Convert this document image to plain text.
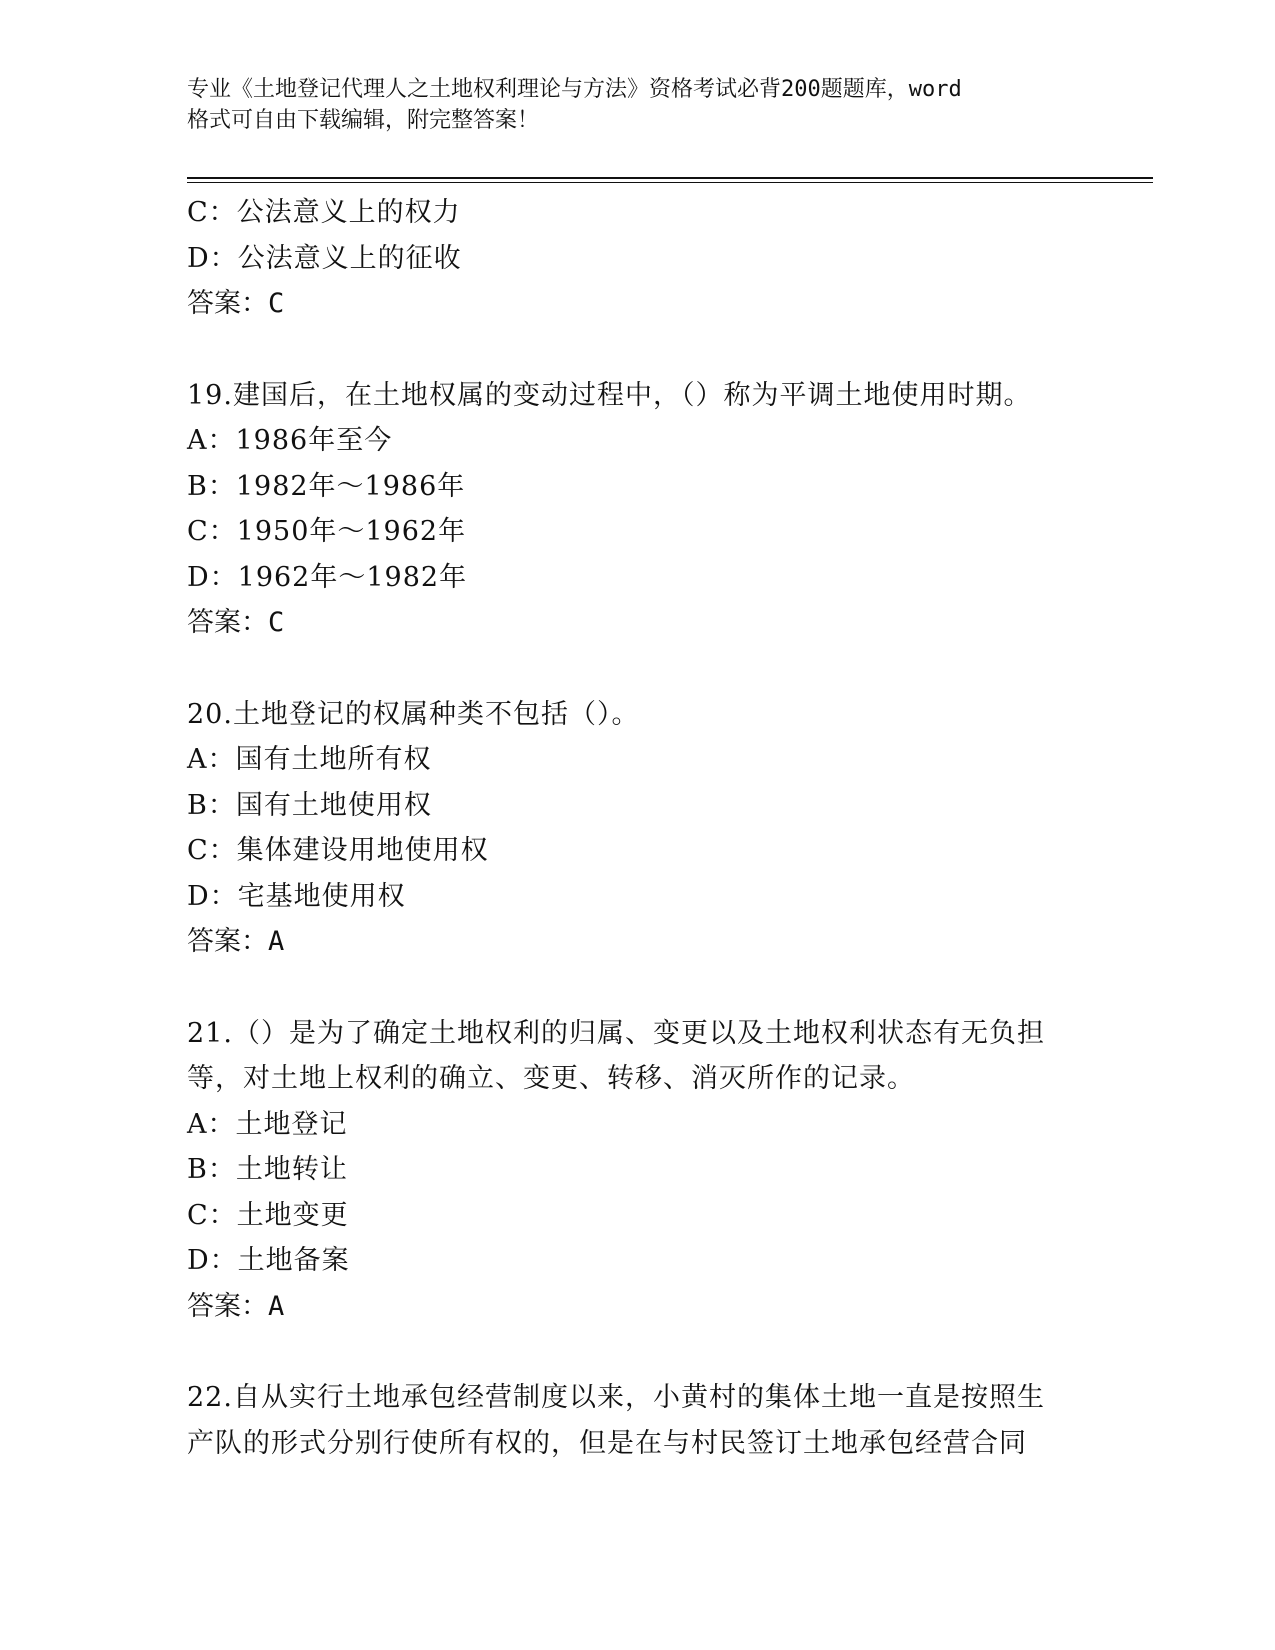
专业《土地登记代理人之土地权利理论与方法》资格考试必背200题题库，word

格式可自由下载编辑，附完整答案！

C：公法意义上的权力
D：公法意义上的征收
答案：C
19.建国后，在土地权属的变动过程中，（）称为平调土地使用时期。
A：1986年至今
B：1982年～1986年
C：1950年～1962年
D：1962年～1982年
答案：C
20.土地登记的权属种类不包括（）。
A：国有土地所有权
B：国有土地使用权
C：集体建设用地使用权
D：宅基地使用权
答案：A
21.（）是为了确定土地权利的归属、变更以及土地权利状态有无负担
等，对土地上权利的确立、变更、转移、消灭所作的记录。
A：土地登记
B：土地转让
C：土地变更
D：土地备案
答案：A
22.自从实行土地承包经营制度以来，小黄村的集体土地一直是按照生
产队的形式分别行使所有权的，但是在与村民签订土地承包经营合同
